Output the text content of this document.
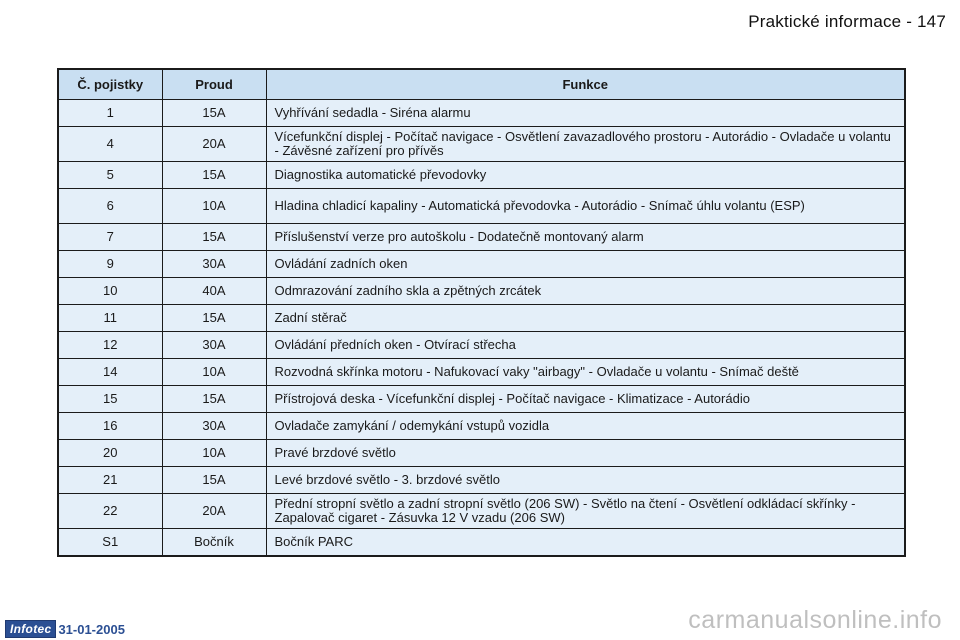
Praktické informace - 147
Č. pojistky	Proud	Funkce
1	15A	Vyhřívání sedadla - Siréna alarmu
4	20A	Vícefunkční displej - Počítač navigace - Osvětlení zavazadlového prostoru - Autorádio - Ovladače u volantu - Závěsné zařízení pro přívěs
5	15A	Diagnostika automatické převodovky
6	10A	Hladina chladicí kapaliny - Automatická převodovka - Autorádio - Snímač úhlu volantu (ESP)
7	15A	Příslušenství verze pro autoškolu - Dodatečně montovaný alarm
9	30A	Ovládání zadních oken
10	40A	Odmrazování zadního skla a zpětných zrcátek
11	15A	Zadní stěrač
12	30A	Ovládání předních oken - Otvírací střecha
14	10A	Rozvodná skřínka motoru - Nafukovací vaky "airbagy" - Ovladače u volantu - Snímač deště
15	15A	Přístrojová deska - Vícefunkční displej - Počítač navigace - Klimatizace - Autorádio
16	30A	Ovladače zamykání / odemykání vstupů vozidla
20	10A	Pravé brzdové světlo
21	15A	Levé brzdové světlo - 3. brzdové světlo
22	20A	Přední stropní světlo a zadní stropní světlo (206 SW) - Světlo na čtení - Osvětlení odkládací skřínky - Zapalovač cigaret - Zásuvka 12 V vzadu (206 SW)
S1	Bočník	Bočník PARC
Infotec 31-01-2005	carmanualsonline.info
